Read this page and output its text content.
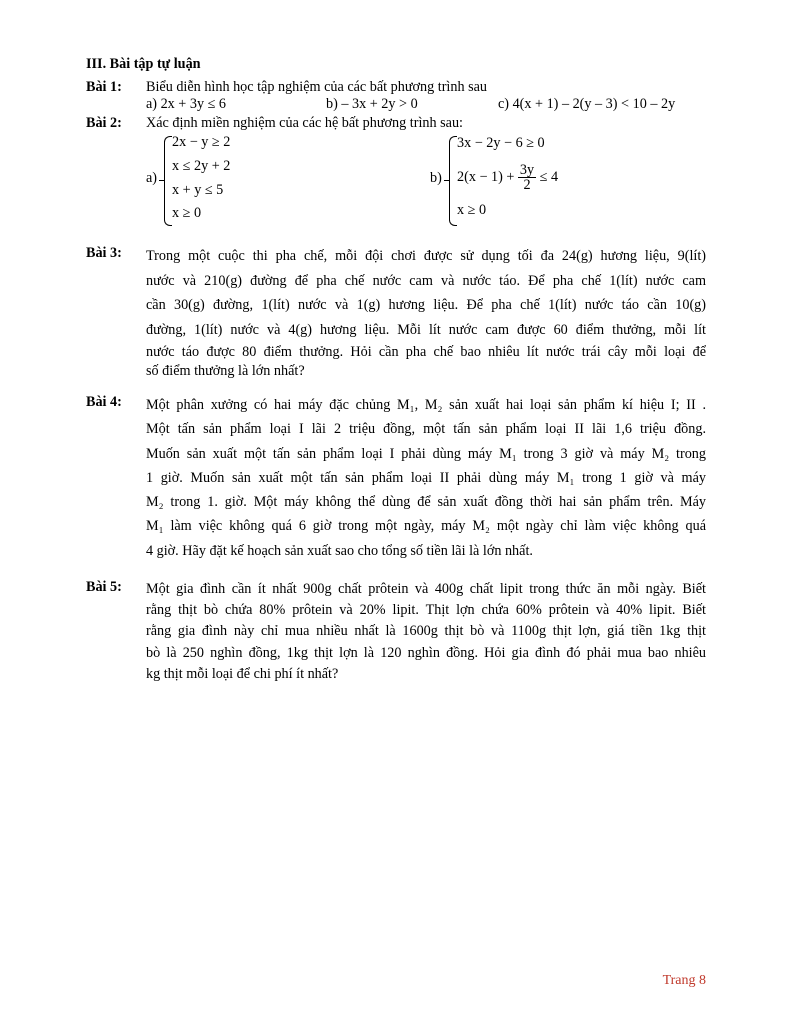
III. Bài tập tự luận
Bài 1: Biểu diễn hình học tập nghiệm của các bất phương trình sau
a) 2x + 3y ≤ 6	b) – 3x + 2y > 0	c) 4(x + 1) – 2(y – 3) < 10 – 2y
Bài 2: Xác định miền nghiệm của các hệ bất phương trình sau:
a)
2x − y ≥ 2
x ≤ 2y + 2
x + y ≤ 5
x ≥ 0
b)
3x − 2y − 6 ≥ 0
$2(x - 1) + \frac{3y}{2} \le 4$
x ≥ 0
Bài 3: Trong một cuộc thi pha chế, mỗi đội chơi được sử dụng tối đa 24(g) hương liệu, 9(lít)
nước và 210(g) đường để pha chế nước cam và nước táo. Để pha chế 1(lít) nước cam
cần 30(g) đường, 1(lít) nước và 1(g) hương liệu. Để pha chế 1(lít) nước táo cần 10(g)
đường, 1(lít) nước và 4(g) hương liệu. Mỗi lít nước cam được 60 điểm thưởng, mỗi lít
nước táo được 80 điểm thưởng. Hỏi cần pha chế bao nhiêu lít nước trái cây mỗi loại để
số điểm thưởng là lớn nhất?
Bài 4: Một phân xưởng có hai máy đặc chủng M₁, M₂ sản xuất hai loại sản phẩm kí hiệu I; II .
Một tấn sản phẩm loại I lãi 2 triệu đồng, một tấn sản phẩm loại II lãi 1,6 triệu đồng.
Muốn sản xuất một tấn sản phẩm loại I phải dùng máy M₁ trong 3 giờ và máy M₂ trong
1 giờ. Muốn sản xuất một tấn sản phẩm loại II phải dùng máy M₁ trong 1 giờ và máy
M₂ trong 1. giờ. Một máy không thể dùng để sản xuất đồng thời hai sản phẩm trên. Máy
M₁ làm việc không quá 6 giờ trong một ngày, máy M₂ một ngày chỉ làm việc không quá
4 giờ. Hãy đặt kế hoạch sản xuất sao cho tổng số tiền lãi là lớn nhất.
Bài 5: Một gia đình cần ít nhất 900g chất prôtein và 400g chất lipit trong thức ăn mỗi ngày. Biết
rằng thịt bò chứa 80% prôtein và 20% lipit. Thịt lợn chứa 60% prôtein và 40% lipit. Biết
rằng gia đình này chỉ mua nhiều nhất là 1600g thịt bò và 1100g thịt lợn, giá tiền 1kg thịt
bò là 250 nghìn đồng, 1kg thịt lợn là 120 nghìn đồng. Hỏi gia đình đó phải mua bao nhiêu
kg thịt mỗi loại để chi phí ít nhất?
Trang 8
